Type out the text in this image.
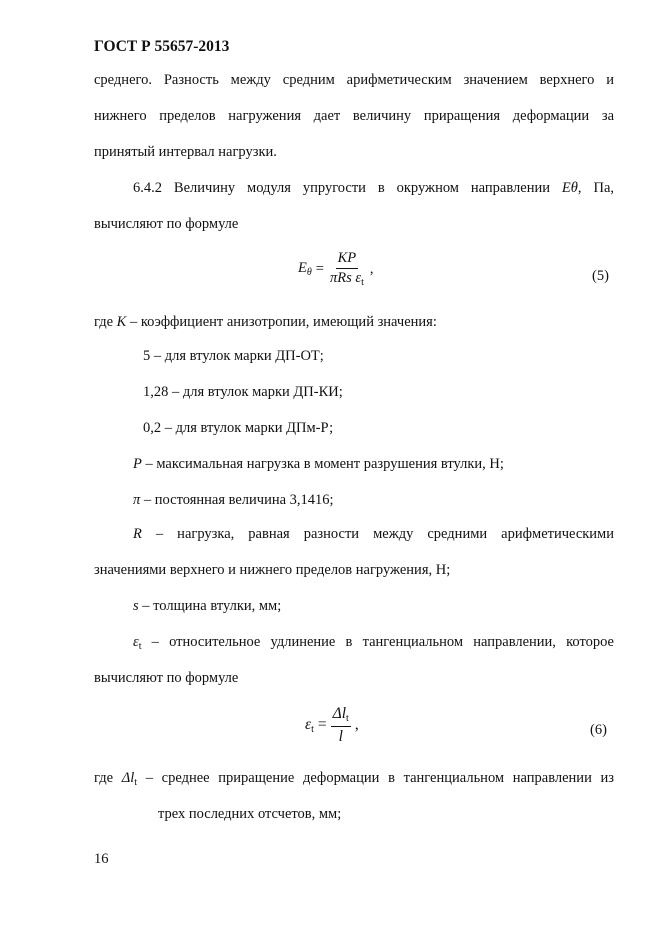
ГОСТ Р 55657-2013
среднего. Разность между средним арифметическим значением верхнего и
нижнего пределов нагружения дает величину приращения деформации за
принятый интервал нагрузки.
6.4.2 Величину модуля упругости в окружном направлении Eθ, Па,
вычисляют по формуле
$E_\theta = \frac{KP}{\pi Rs \varepsilon_t}$ ,	(5)
где K – коэффициент анизотропии, имеющий значения:
5 – для втулок марки ДП-ОТ;
1,28 – для втулок марки ДП-КИ;
0,2 – для втулок марки ДПм-Р;
P – максимальная нагрузка в момент разрушения втулки, Н;
π – постоянная величина 3,1416;
R – нагрузка, равная разности между средними арифметическими
значениями верхнего и нижнего пределов нагружения, Н;
s – толщина втулки, мм;
$\varepsilon_t$ – относительное удлинение в тангенциальном направлении, которое
вычисляют по формуле
$\varepsilon_t = \frac{\Delta l_t}{l}$ ,	(6)
где $\Delta l_t$ – среднее приращение деформации в тангенциальном направлении из
трех последних отсчетов, мм;
16
